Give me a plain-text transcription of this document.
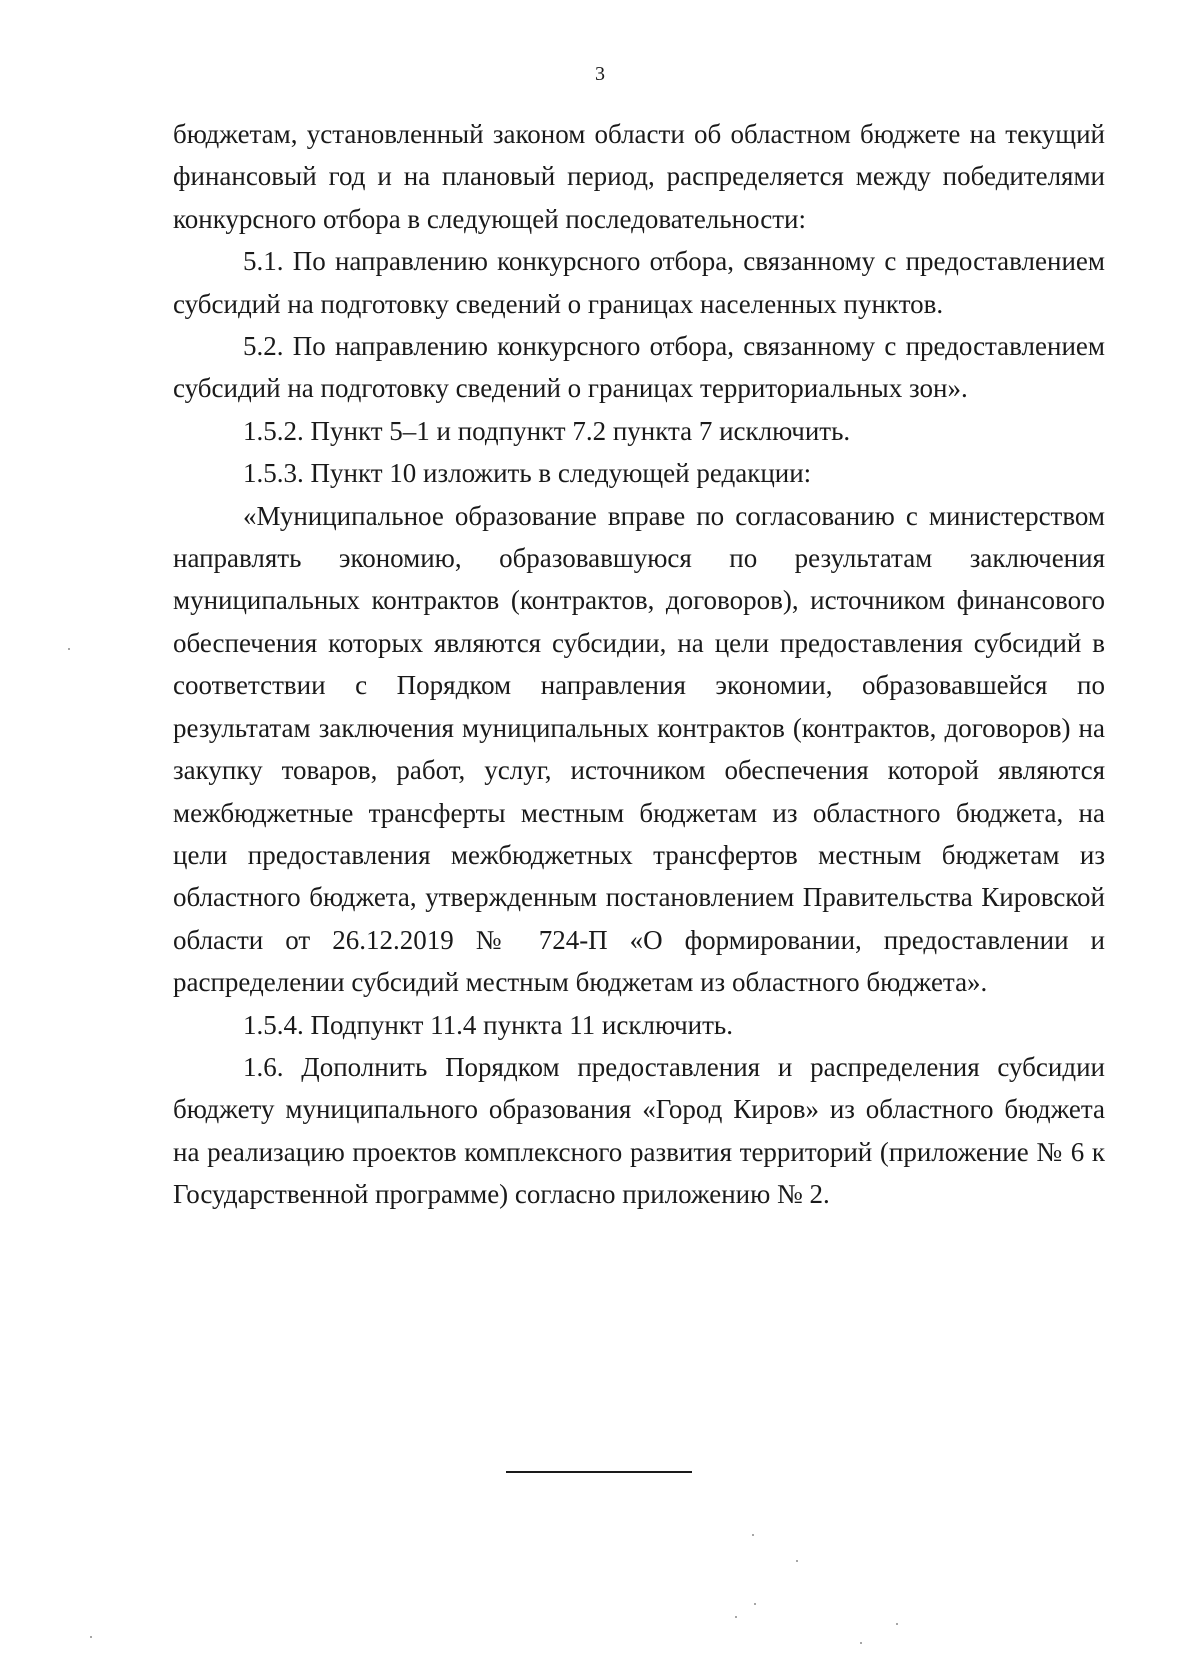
3

бюджетам, установленный законом области об областном бюджете на текущий финансовый год и на плановый период, распределяется между победителями конкурсного отбора в следующей последовательности:

5.1. По направлению конкурсного отбора, связанному с предоставлением субсидий на подготовку сведений о границах населенных пунктов.

5.2. По направлению конкурсного отбора, связанному с предоставлением субсидий на подготовку сведений о границах территориальных зон».

1.5.2. Пункт 5–1 и подпункт 7.2 пункта 7 исключить.

1.5.3. Пункт 10 изложить в следующей редакции:

«Муниципальное образование вправе по согласованию с министерством направлять экономию, образовавшуюся по результатам заключения муниципальных контрактов (контрактов, договоров), источником финансового обеспечения которых являются субсидии, на цели предоставления субсидий в соответствии с Порядком направления экономии, образовавшейся по результатам заключения муниципальных контрактов (контрактов, договоров) на закупку товаров, работ, услуг, источником обеспечения которой являются межбюджетные трансферты местным бюджетам из областного бюджета, на цели предоставления межбюджетных трансфертов местным бюджетам из областного бюджета, утвержденным постановлением Правительства Кировской области от 26.12.2019 № 724-П «О формировании, предоставлении и распределении субсидий местным бюджетам из областного бюджета».

1.5.4. Подпункт 11.4 пункта 11 исключить.

1.6. Дополнить Порядком предоставления и распределения субсидии бюджету муниципального образования «Город Киров» из областного бюджета на реализацию проектов комплексного развития территорий (приложение № 6 к Государственной программе) согласно приложению № 2.
